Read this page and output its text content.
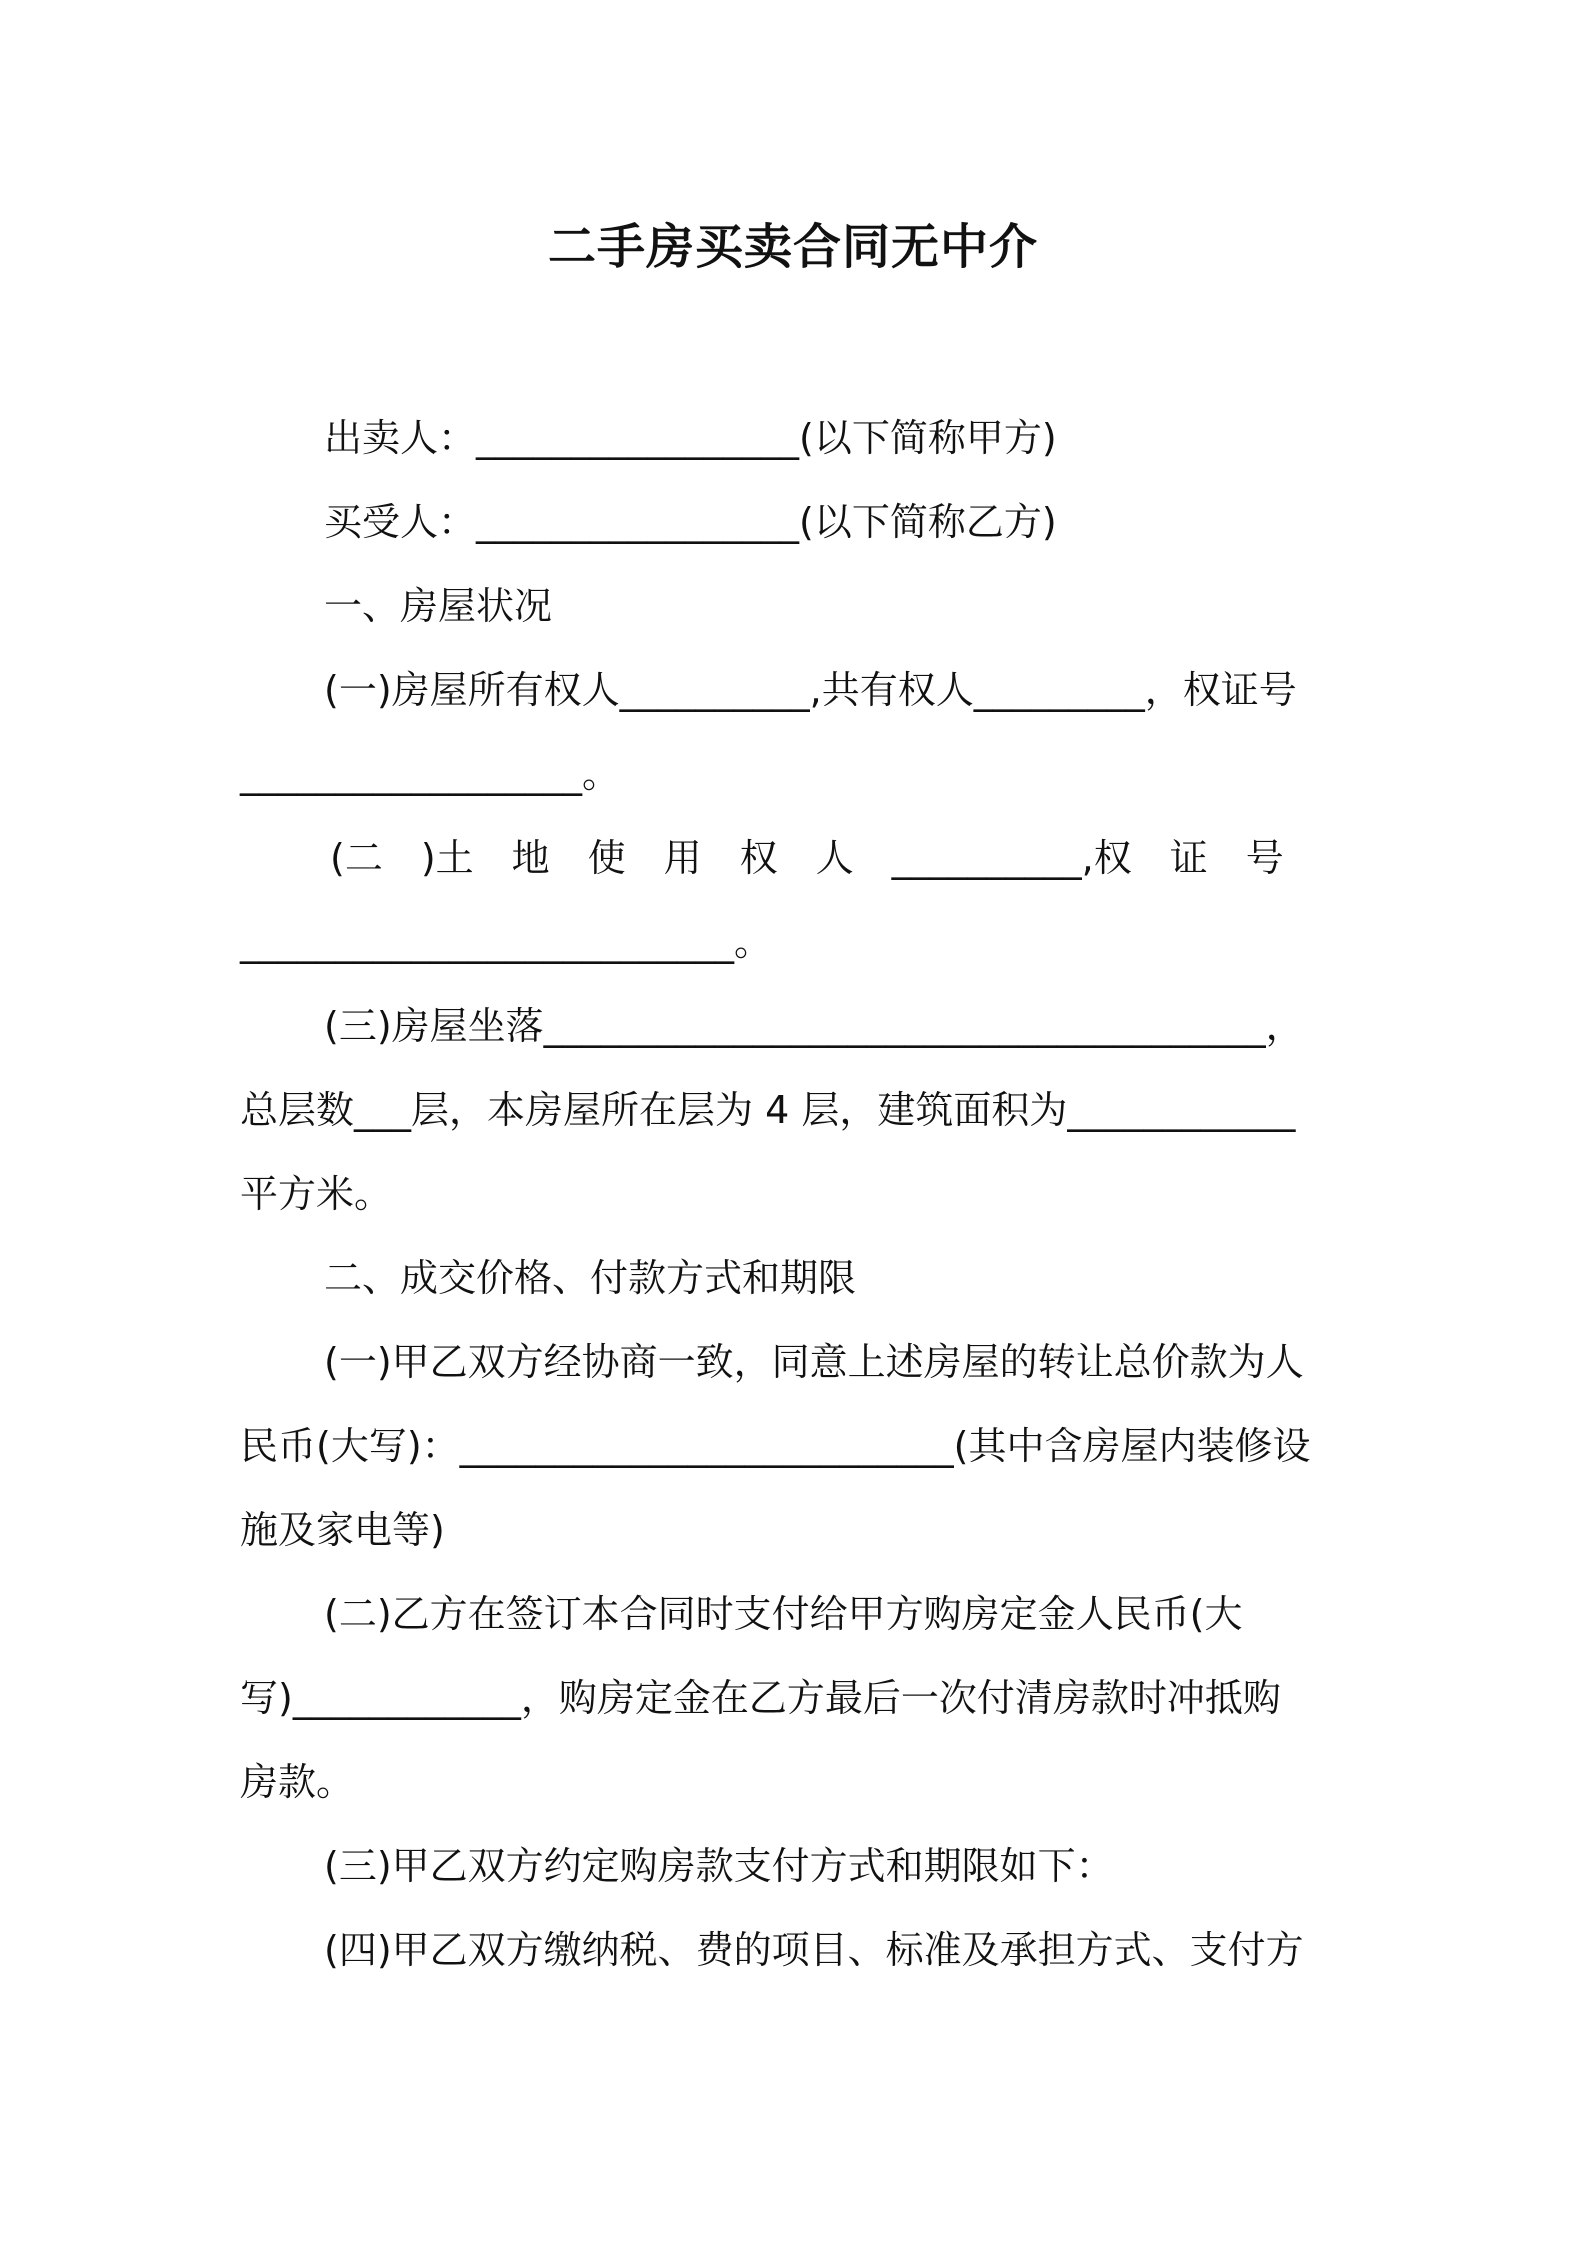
二手房买卖合同无中介
出卖人：_________________(以下简称甲方)
买受人：_________________(以下简称乙方)
一、房屋状况
(一)房屋所有权人__________,共有权人_________，权证号
__________________。
(二　)土　地　使　用　权　人　__________,权　证　号
__________________________。
(三)房屋坐落______________________________________，
总层数___层，本房屋所在层为 4 层，建筑面积为____________
平方米。
二、成交价格、付款方式和期限
(一)甲乙双方经协商一致，同意上述房屋的转让总价款为人
民币(大写)：__________________________(其中含房屋内装修设
施及家电等)
(二)乙方在签订本合同时支付给甲方购房定金人民币(大
写)____________，购房定金在乙方最后一次付清房款时冲抵购
房款。
(三)甲乙双方约定购房款支付方式和期限如下：
(四)甲乙双方缴纳税、费的项目、标准及承担方式、支付方
